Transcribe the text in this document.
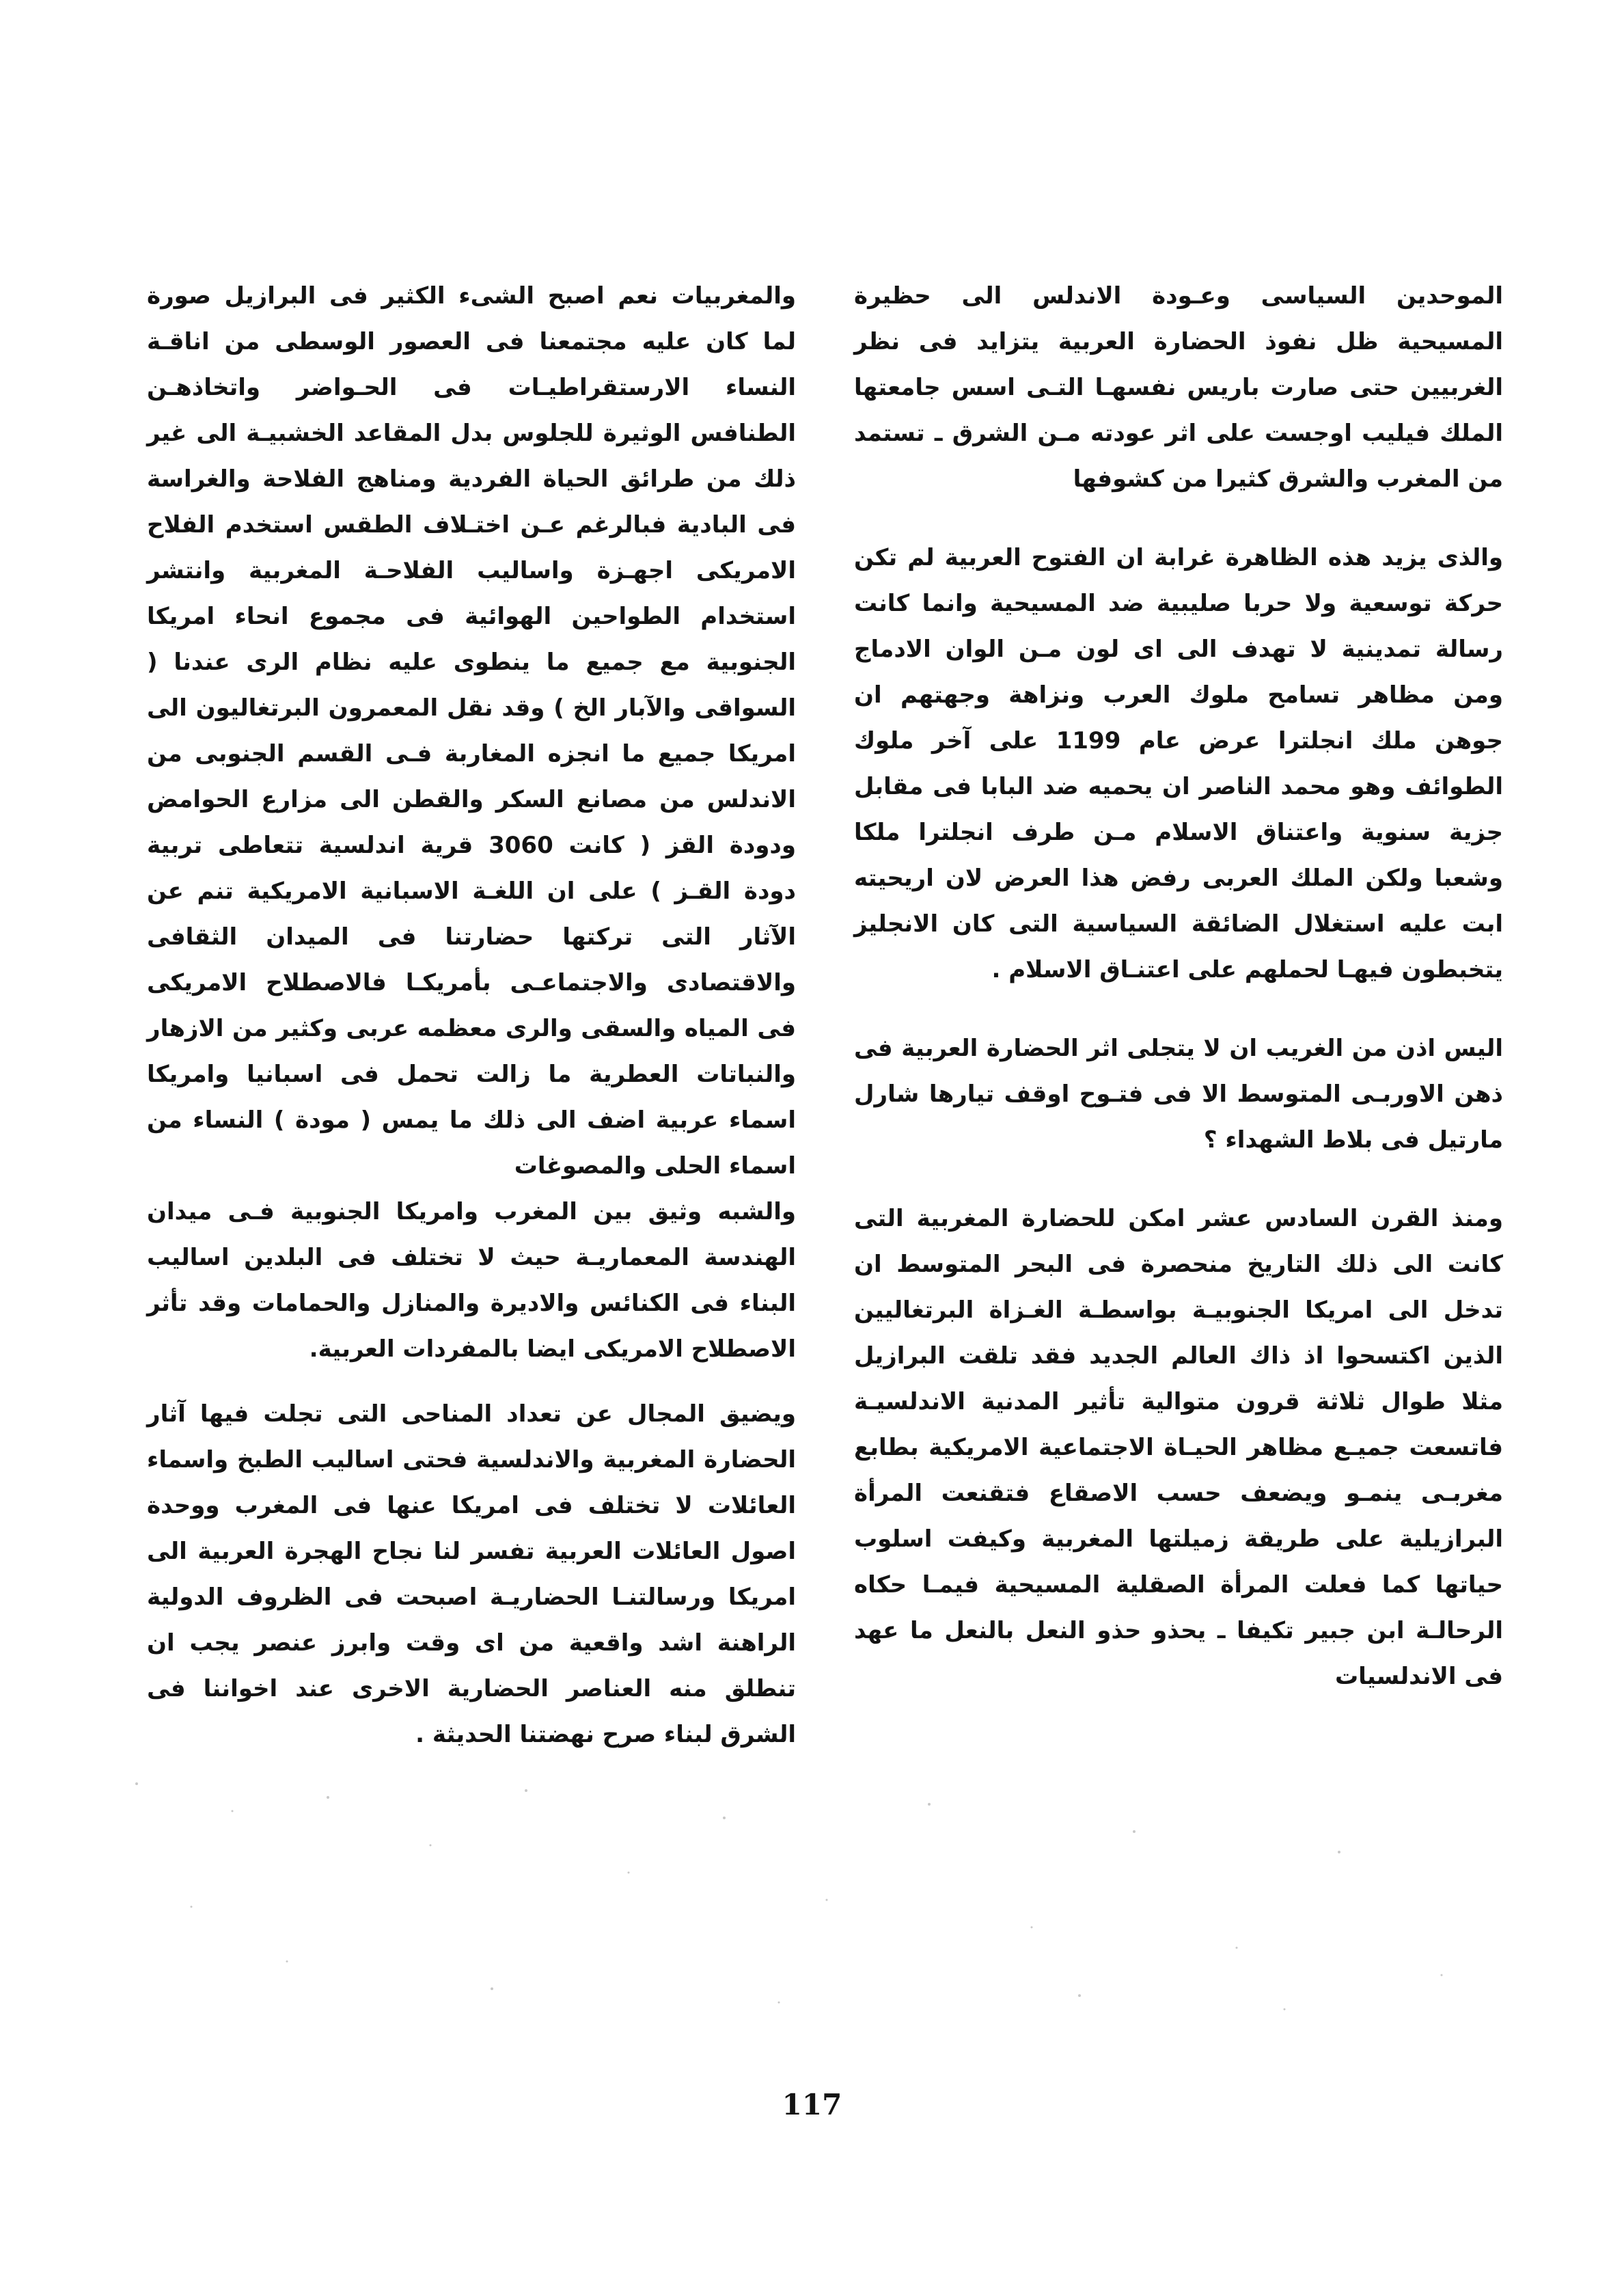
الموحدين السياسى وعـودة الاندلس الى حظيرة المسيحية ظل نفوذ الحضارة العربية يتزايد فى نظر الغربيين حتى صارت باريس نفسهـا التـى اسس جامعتها الملك فيليب اوجست على اثر عودته مـن الشرق ـ تستمد من المغرب والشرق كثيرا من كشوفها

والذى يزيد هذه الظاهرة غرابة ان الفتوح العربية لم تكن حركة توسعية ولا حربا صليبية ضد المسيحية وانما كانت رسالة تمدينية لا تهدف الى اى لون مـن الوان الادماج ومن مظاهر تسامح ملوك العرب ونزاهة وجهتهم ان جوهن ملك انجلترا عرض عام 1199 على آخر ملوك الطوائف وهو محمد الناصر ان يحميه ضد البابا فى مقابل جزية سنوية واعتناق الاسلام مـن طرف انجلترا ملكا وشعبا ولكن الملك العربى رفض هذا العرض لان اريحيته ابت عليه استغلال الضائقة السياسية التى كان الانجليز يتخبطون فيهـا لحملهم على اعتنـاق الاسلام .

اليس اذن من الغريب ان لا يتجلى اثر الحضارة العربية فى ذهن الاوربـى المتوسط الا فى فتـوح اوقف تيارها شارل مارتيل فى بلاط الشهداء ؟

ومنذ القرن السادس عشر امكن للحضارة المغربية التى كانت الى ذلك التاريخ منحصرة فى البحر المتوسط ان تدخل الى امريكا الجنوبيـة بواسطـة الغـزاة البرتغاليين الذين اكتسحوا اذ ذاك العالم الجديد فقد تلقت البرازيل مثلا طوال ثلاثة قرون متوالية تأثير المدنية الاندلسيـة فاتسعت جميـع مظاهر الحيـاة الاجتماعية الامريكية بطابع مغربـى ينمـو ويضعف حسب الاصقاع فتقنعت المرأة البرازيلية على طريقة زميلتها المغربية وكيفت اسلوب حياتها كما فعلت المرأة الصقلية المسيحية فيمـا حكاه الرحالـة ابن جبير تكيفا ـ يحذو حذو النعل بالنعل ما عهد فى الاندلسيات

والمغربيات نعم اصبح الشىء الكثير فى البرازيل صورة لما كان عليه مجتمعنا فى العصور الوسطى من اناقـة النساء الارستقراطيـات فى الحـواضر واتخاذهـن الطنافس الوثيرة للجلوس بدل المقاعد الخشبيـة الى غير ذلك من طرائق الحياة الفردية ومناهج الفلاحة والغراسة فى البادية فبالرغم عـن اختـلاف الطقس استخدم الفلاح الامريكى اجهـزة واساليب الفلاحـة المغربية وانتشر استخدام الطواحين الهوائية فى مجموع انحاء امريكا الجنوبية مع جميع ما ينطوى عليه نظام الرى عندنا ( السواقى والآبار الخ ) وقد نقل المعمرون البرتغاليون الى امريكا جميع ما انجزه المغاربة فـى القسم الجنوبى من الاندلس من مصانع السكر والقطن الى مزارع الحوامض ودودة القز ( كانت 3060 قرية اندلسية تتعاطى تربية دودة القـز ) على ان اللغـة الاسبانية الامريكية تنم عن الآثار التى تركتها حضارتنا فى الميدان الثقافى والاقتصادى والاجتماعـى بأمريكـا فالاصطلاح الامريكى فى المياه والسقى والرى معظمه عربى وكثير من الازهار والنباتات العطرية ما زالت تحمل فى اسبانيا وامريكا اسماء عربية اضف الى ذلك ما يمس ( مودة ) النساء من اسماء الحلى والمصوغات

والشبه وثيق بين المغرب وامريكا الجنوبية فـى ميدان الهندسة المعماريـة حيث لا تختلف فى البلدين اساليب البناء فى الكنائس والاديرة والمنازل والحمامات وقد تأثر الاصطلاح الامريكى ايضا بالمفردات العربية.

ويضيق المجال عن تعداد المناحى التى تجلت فيها آثار الحضارة المغربية والاندلسية فحتى اساليب الطبخ واسماء العائلات لا تختلف فى امريكا عنها فى المغرب ووحدة اصول العائلات العربية تفسر لنا نجاح الهجرة العربية الى امريكا ورسالتنـا الحضاريـة اصبحت فى الظروف الدولية الراهنة اشد واقعية من اى وقت وابرز عنصر يجب ان تنطلق منه العناصر الحضارية الاخرى عند اخواننا فى الشرق لبناء صرح نهضتنا الحديثة .

117
